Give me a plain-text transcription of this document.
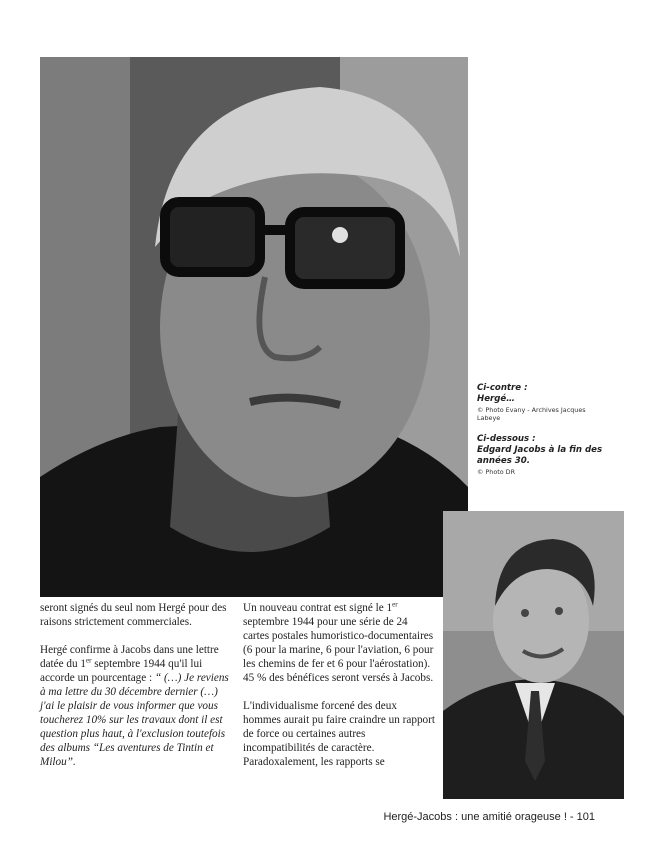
Ci-contre :
Hergé…
© Photo Evany - Archives Jacques Labeye
Ci-dessous :
Edgard Jacobs à la fin des années 30.
© Photo DR

seront signés du seul nom Hergé pour des raisons strictement commerciales.

Hergé confirme à Jacobs dans une lettre datée du 1er septembre 1944 qu'il lui accorde un pourcentage : “ (…) Je reviens à ma lettre du 30 décembre dernier (…) j'ai le plaisir de vous informer que vous toucherez 10% sur les travaux dont il est question plus haut, à l'exclusion toutefois des albums “Les aventures de Tintin et Milou”.

Un nouveau contrat est signé le 1er septembre 1944 pour une série de 24 cartes postales humoristico-documentaires (6 pour la marine, 6 pour l'aviation, 6 pour les chemins de fer et 6 pour l'aérostation). 45 % des bénéfices seront versés à Jacobs.

L'individualisme forcené des deux hommes aurait pu faire craindre un rapport de force ou certaines autres incompatibilités de caractère. Paradoxalement, les rapports se

Hergé-Jacobs : une amitié orageuse ! - 101
